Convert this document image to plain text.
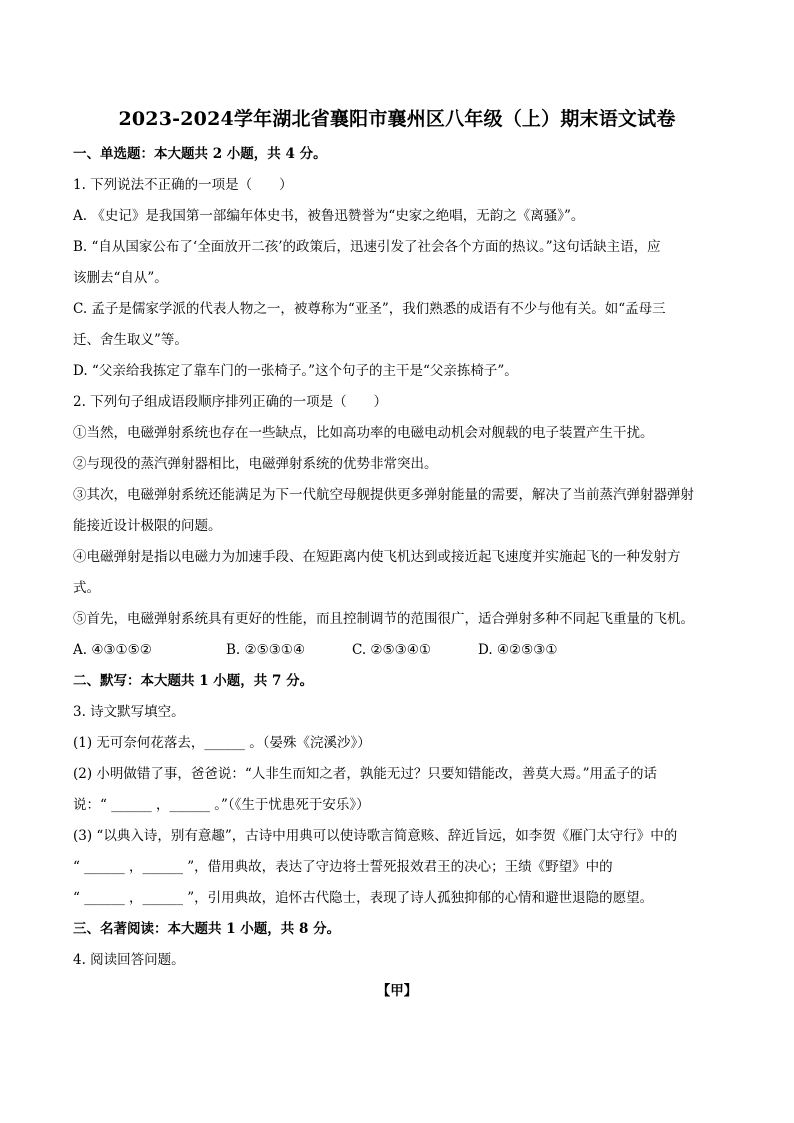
2023-2024学年湖北省襄阳市襄州区八年级（上）期末语文试卷
一、单选题：本大题共 2 小题，共 4 分。
1. 下列说法不正确的一项是（　　）
A. 《史记》是我国第一部编年体史书，被鲁迅赞誉为“史家之绝唱，无韵之《离骚》”。
B. “自从国家公布了‘全面放开二孩’的政策后，迅速引发了社会各个方面的热议。”这句话缺主语，应
该删去“自从”。
C. 孟子是儒家学派的代表人物之一，被尊称为“亚圣”，我们熟悉的成语有不少与他有关。如“孟母三
迁、舍生取义”等。
D. “父亲给我拣定了靠车门的一张椅子。”这个句子的主干是“父亲拣椅子”。
2. 下列句子组成语段顺序排列正确的一项是（　　）
①当然，电磁弹射系统也存在一些缺点，比如高功率的电磁电动机会对舰载的电子装置产生干扰。
②与现役的蒸汽弹射器相比，电磁弹射系统的优势非常突出。
③其次，电磁弹射系统还能满足为下一代航空母舰提供更多弹射能量的需要，解决了当前蒸汽弹射器弹射
能接近设计极限的问题。
④电磁弹射是指以电磁力为加速手段、在短距离内使飞机达到或接近起飞速度并实施起飞的一种发射方
式。
⑤首先，电磁弹射系统具有更好的性能，而且控制调节的范围很广，适合弹射多种不同起飞重量的飞机。
A. ④③①⑤②	B. ②⑤③①④	C. ②⑤③④①	D. ④②⑤③①
二、默写：本大题共 1 小题，共 7 分。
3. 诗文默写填空。
(1) 无可奈何花落去，______ 。（晏殊《浣溪沙》）
(2) 小明做错了事，爸爸说：“人非生而知之者，孰能无过？只要知错能改，善莫大焉。”用孟子的话
说：“ ______ ，______ 。”（《生于忧患死于安乐》）
(3) “以典入诗，别有意趣”，古诗中用典可以使诗歌言简意赅、辞近旨远，如李贺《雁门太守行》中的
“ ______ ，______ ”，借用典故，表达了守边将士誓死报效君王的决心；王绩《野望》中的
“ ______ ，______ ”，引用典故，追怀古代隐士，表现了诗人孤独抑郁的心情和避世退隐的愿望。
三、名著阅读：本大题共 1 小题，共 8 分。
4. 阅读回答问题。
【甲】
